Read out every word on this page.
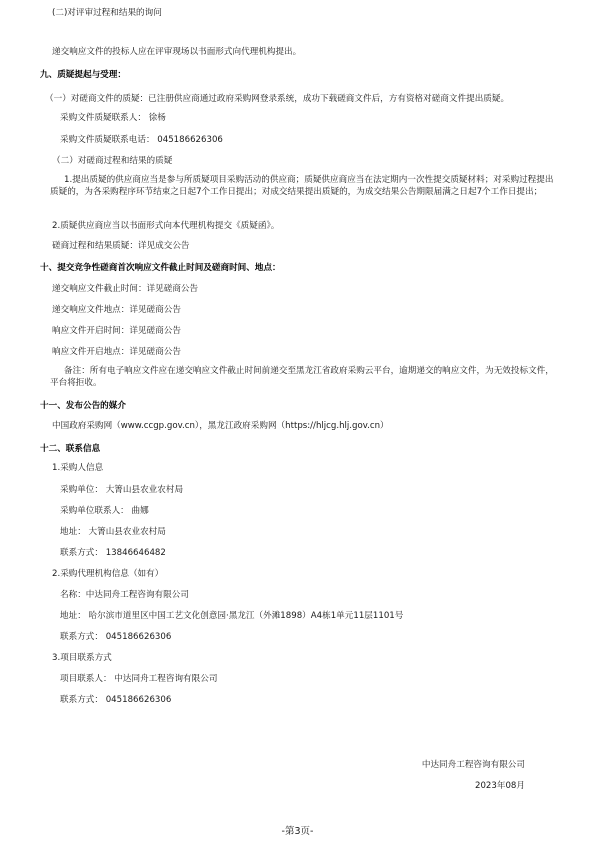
(二)对评审过程和结果的询问
递交响应文件的投标人应在评审现场以书面形式向代理机构提出。
九、质疑提起与受理：
（一）对磋商文件的质疑：已注册供应商通过政府采购网登录系统，成功下载磋商文件后，方有资格对磋商文件提出质疑。
采购文件质疑联系人： 徐杨
采购文件质疑联系电话： 045186626306
（二）对磋商过程和结果的质疑
1.提出质疑的供应商应当是参与所质疑项目采购活动的供应商；质疑供应商应当在法定期内一次性提交质疑材料；对采购过程提出质疑的，为各采购程序环节结束之日起7个工作日提出；对成交结果提出质疑的，为成交结果公告期限届满之日起7个工作日提出；
2.质疑供应商应当以书面形式向本代理机构提交《质疑函》。
磋商过程和结果质疑：详见成交公告
十、提交竞争性磋商首次响应文件截止时间及磋商时间、地点：
递交响应文件截止时间：详见磋商公告
递交响应文件地点：详见磋商公告
响应文件开启时间：详见磋商公告
响应文件开启地点：详见磋商公告
备注：所有电子响应文件应在递交响应文件截止时间前递交至黑龙江省政府采购云平台，逾期递交的响应文件，为无效投标文件，平台将拒收。
十一、发布公告的媒介
中国政府采购网（www.ccgp.gov.cn），黑龙江政府采购网（https://hljcg.hlj.gov.cn）
十二、联系信息
1.采购人信息
采购单位： 大箐山县农业农村局
采购单位联系人： 曲娜
地址： 大箐山县农业农村局
联系方式： 13846646482
2.采购代理机构信息（如有）
名称：中达同舟工程咨询有限公司
地址： 哈尔滨市道里区中国工艺文化创意园·黑龙江（外滩1898）A4栋1单元11层1101号
联系方式： 045186626306
3.项目联系方式
项目联系人： 中达同舟工程咨询有限公司
联系方式： 045186626306
中达同舟工程咨询有限公司
2023年08月
-第3页-
